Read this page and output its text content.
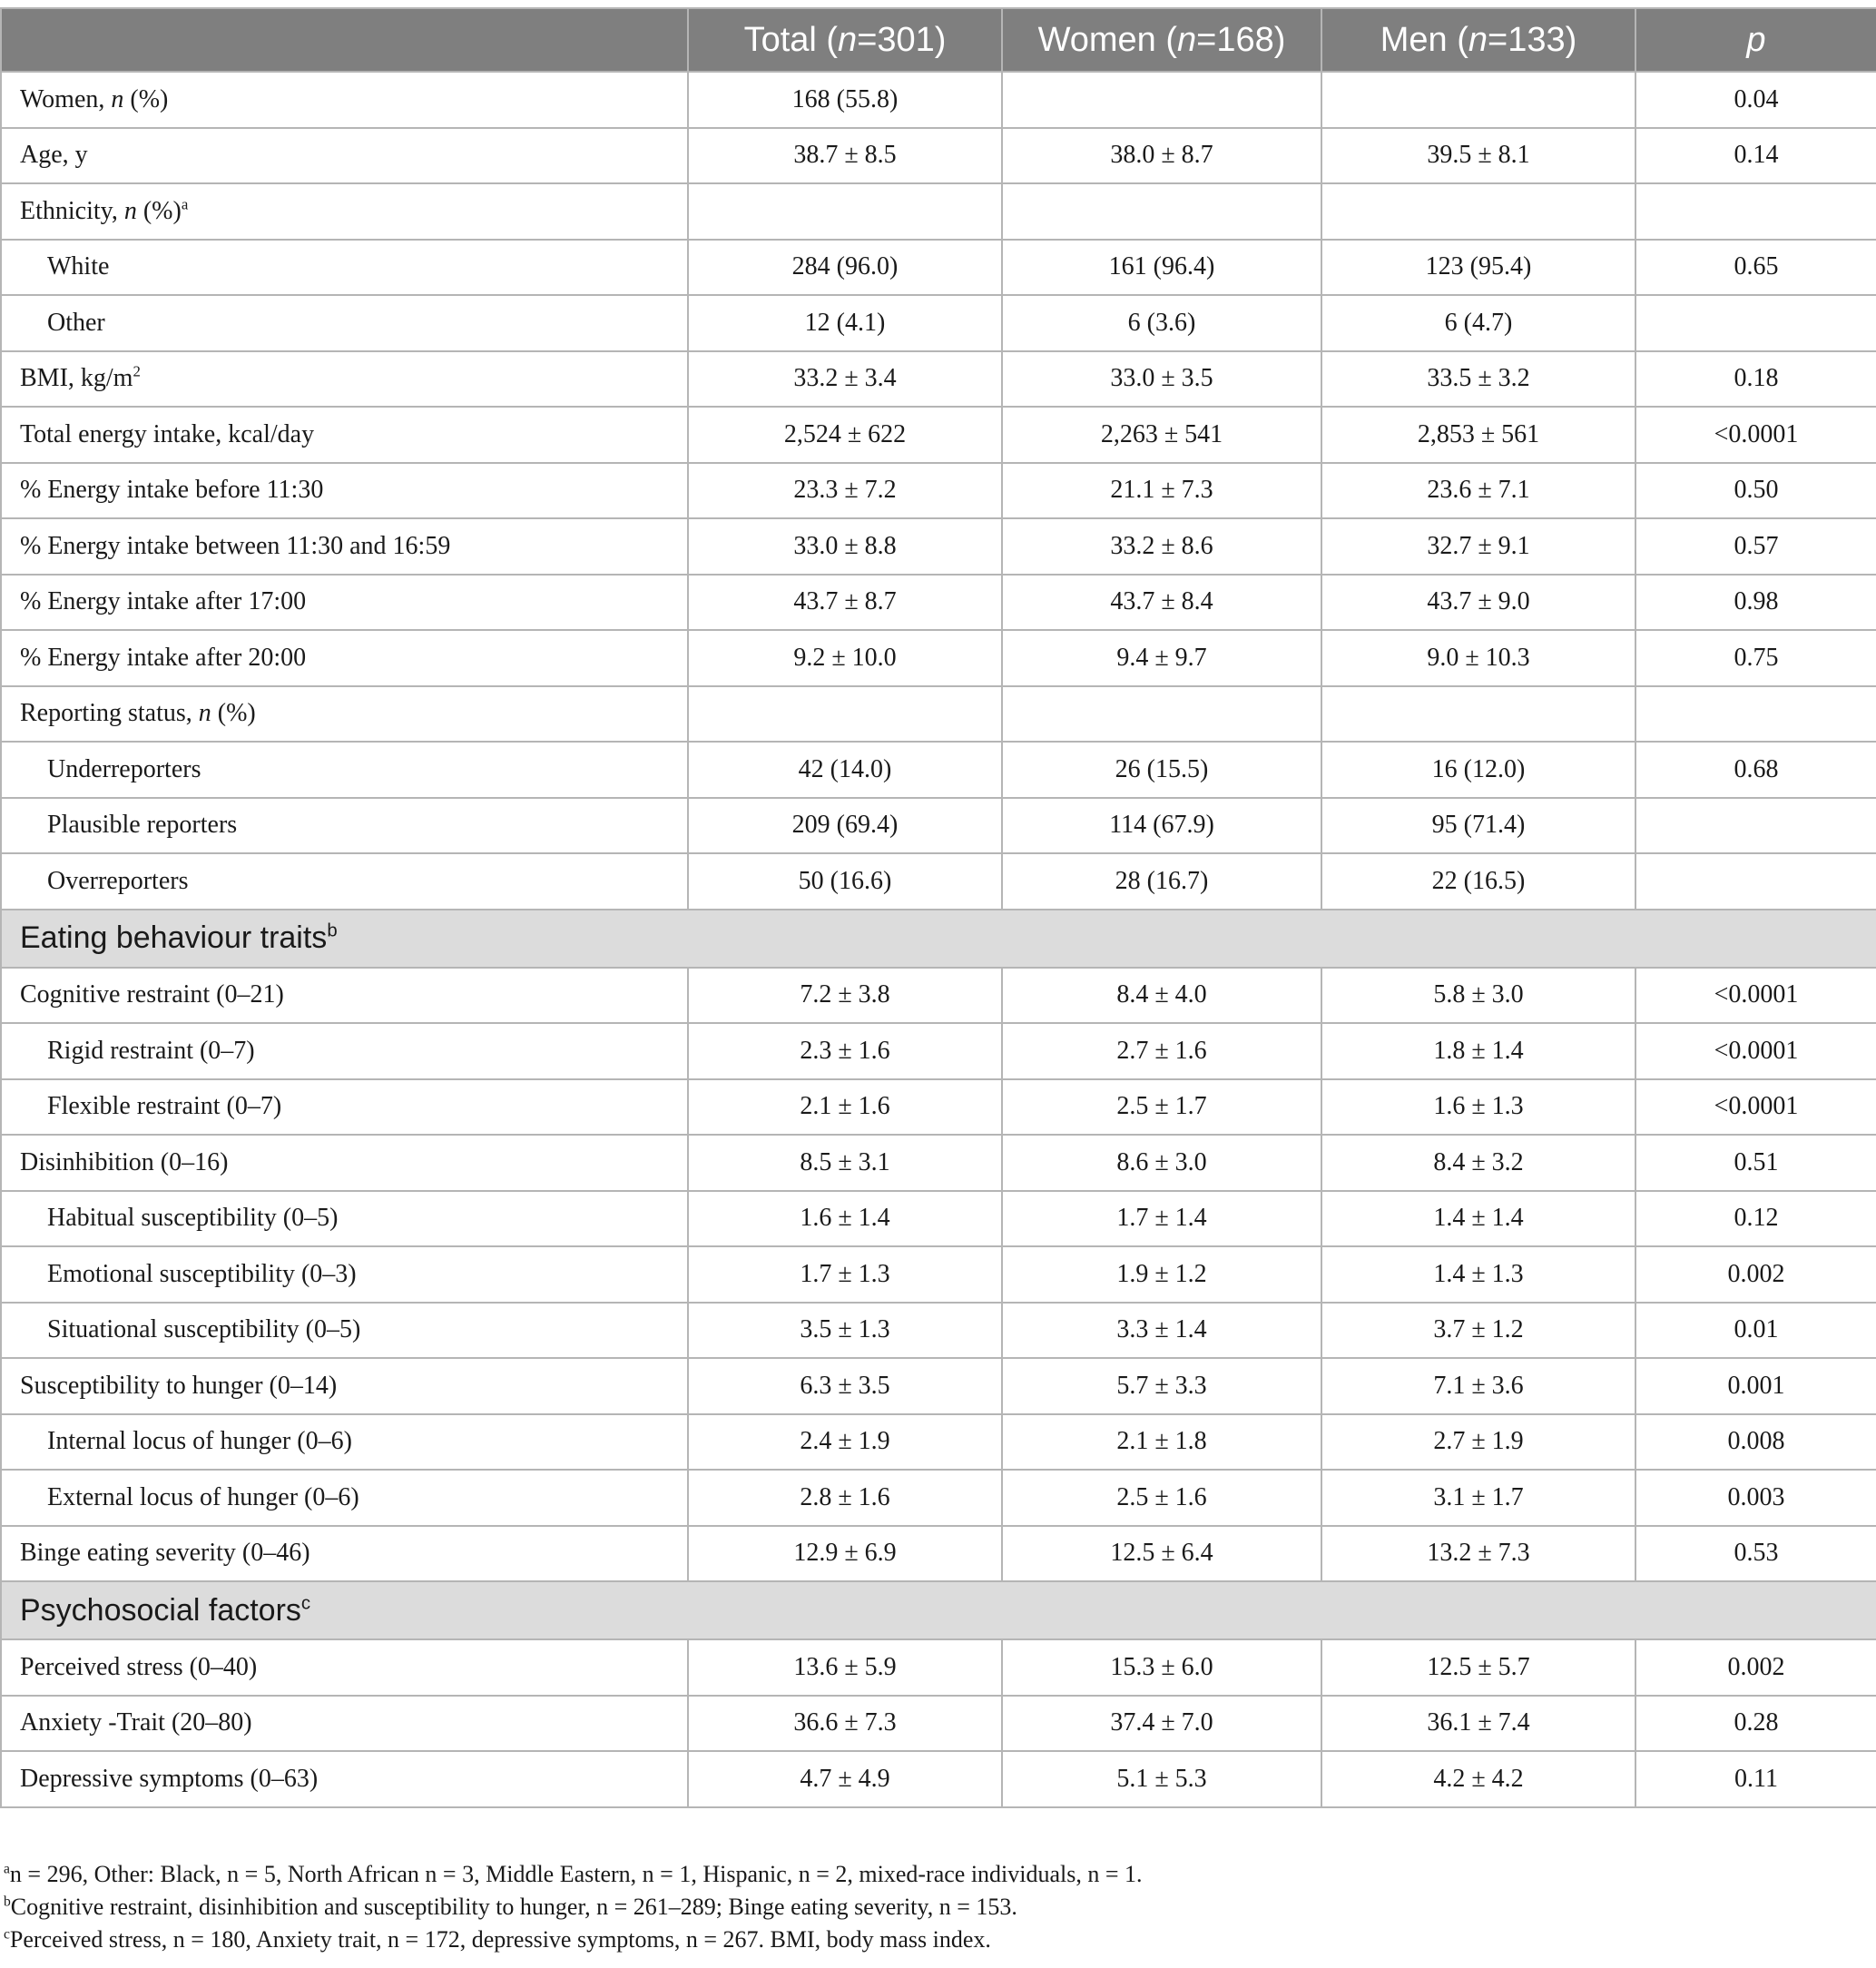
	Total (n=301)	Women (n=168)	Men (n=133)	p
Women, n (%)	168 (55.8)			0.04
Age, y	38.7 ± 8.5	38.0 ± 8.7	39.5 ± 8.1	0.14
Ethnicity, n (%)$^a$				
White	284 (96.0)	161 (96.4)	123 (95.4)	0.65
Other	12 (4.1)	6 (3.6)	6 (4.7)	
BMI, $kg/m^2$	33.2 ± 3.4	33.0 ± 3.5	33.5 ± 3.2	0.18
Total energy intake, kcal/day	2,524 ± 622	2,263 ± 541	2,853 ± 561	<0.0001
% Energy intake before 11:30	23.3 ± 7.2	21.1 ± 7.3	23.6 ± 7.1	0.50
% Energy intake between 11:30 and 16:59	33.0 ± 8.8	33.2 ± 8.6	32.7 ± 9.1	0.57
% Energy intake after 17:00	43.7 ± 8.7	43.7 ± 8.4	43.7 ± 9.0	0.98
% Energy intake after 20:00	9.2 ± 10.0	9.4 ± 9.7	9.0 ± 10.3	0.75
Reporting status, n (%)				
Underreporters	42 (14.0)	26 (15.5)	16 (12.0)	0.68
Plausible reporters	209 (69.4)	114 (67.9)	95 (71.4)	
Overreporters	50 (16.6)	28 (16.7)	22 (16.5)	
Eating behaviour traits$^b$
Cognitive restraint (0–21)	7.2 ± 3.8	8.4 ± 4.0	5.8 ± 3.0	<0.0001
Rigid restraint (0–7)	2.3 ± 1.6	2.7 ± 1.6	1.8 ± 1.4	<0.0001
Flexible restraint (0–7)	2.1 ± 1.6	2.5 ± 1.7	1.6 ± 1.3	<0.0001
Disinhibition (0–16)	8.5 ± 3.1	8.6 ± 3.0	8.4 ± 3.2	0.51
Habitual susceptibility (0–5)	1.6 ± 1.4	1.7 ± 1.4	1.4 ± 1.4	0.12
Emotional susceptibility (0–3)	1.7 ± 1.3	1.9 ± 1.2	1.4 ± 1.3	0.002
Situational susceptibility (0–5)	3.5 ± 1.3	3.3 ± 1.4	3.7 ± 1.2	0.01
Susceptibility to hunger (0–14)	6.3 ± 3.5	5.7 ± 3.3	7.1 ± 3.6	0.001
Internal locus of hunger (0–6)	2.4 ± 1.9	2.1 ± 1.8	2.7 ± 1.9	0.008
External locus of hunger (0–6)	2.8 ± 1.6	2.5 ± 1.6	3.1 ± 1.7	0.003
Binge eating severity (0–46)	12.9 ± 6.9	12.5 ± 6.4	13.2 ± 7.3	0.53
Psychosocial factors$^c$
Perceived stress (0–40)	13.6 ± 5.9	15.3 ± 6.0	12.5 ± 5.7	0.002
Anxiety -Trait (20–80)	36.6 ± 7.3	37.4 ± 7.0	36.1 ± 7.4	0.28
Depressive symptoms (0–63)	4.7 ± 4.9	5.1 ± 5.3	4.2 ± 4.2	0.11
$^a$n = 296, Other: Black, n = 5, North African n = 3, Middle Eastern, n = 1, Hispanic, n = 2, mixed-race individuals, n = 1.
$^b$Cognitive restraint, disinhibition and susceptibility to hunger, n = 261–289; Binge eating severity, n = 153.
$^c$Perceived stress, n = 180, Anxiety trait, n = 172, depressive symptoms, n = 267. BMI, body mass index.
